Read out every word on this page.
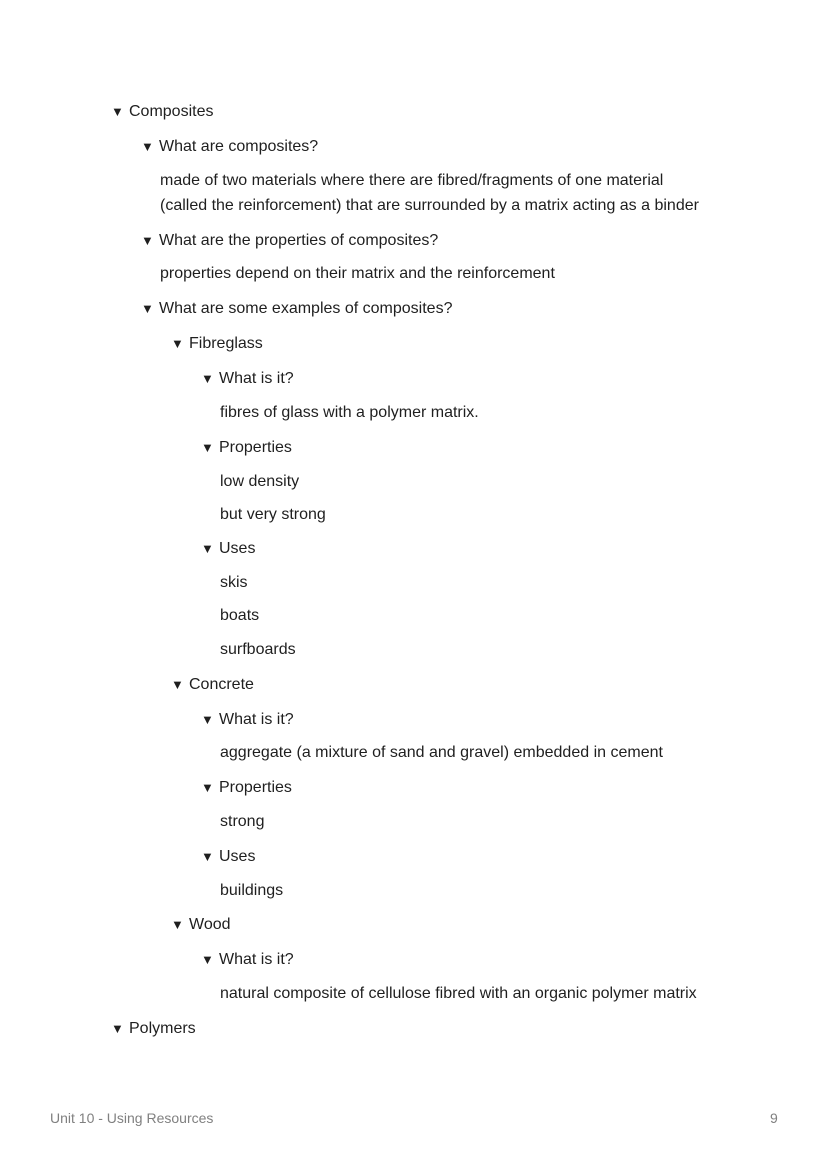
▼ Composites
▼ What are composites?
made of two materials where there are fibred/fragments of one material
(called the reinforcement) that are surrounded by a matrix acting as a binder
▼ What are the properties of composites?
properties depend on their matrix and the reinforcement
▼ What are some examples of composites?
▼ Fibreglass
▼ What is it?
fibres of glass with a polymer matrix.
▼ Properties
low density
but very strong
▼ Uses
skis
boats
surfboards
▼ Concrete
▼ What is it?
aggregate (a mixture of sand and gravel) embedded in cement
▼ Properties
strong
▼ Uses
buildings
▼ Wood
▼ What is it?
natural composite of cellulose fibred with an organic polymer matrix
▼ Polymers
Unit 10 - Using Resources	9
